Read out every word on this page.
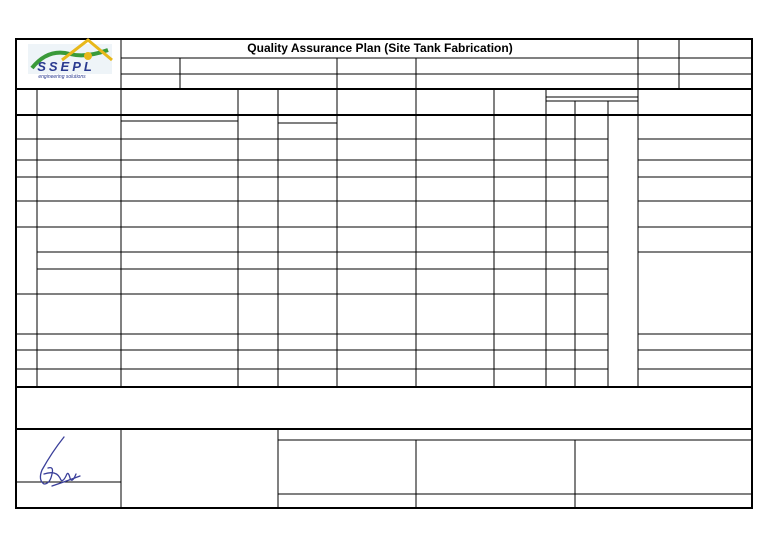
Quality Assurance Plan (Site Tank Fabrication)
SSEPL
engineering solutions
